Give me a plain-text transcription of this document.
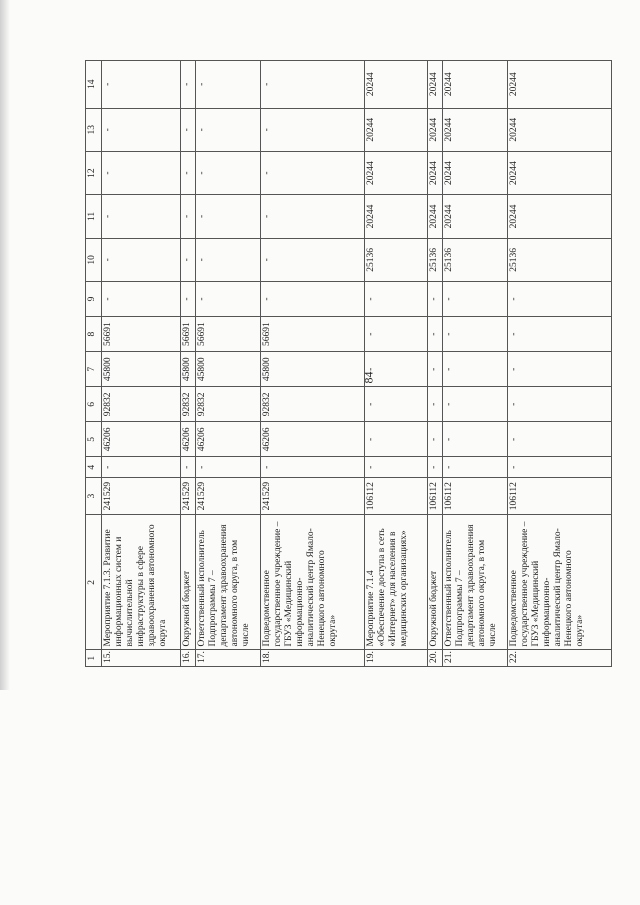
84
1	2	3	4	5	6	7	8	9	10	11	12	13	14
15.	Мероприятие 7.1.3. Развитие информационных систем и вычислительной инфраструктуры в сфере здравоохранения автономного округа	241529	-	46206	92832	45800	56691	-	-	-	-	-	-
16.	Окружной бюджет	241529	-	46206	92832	45800	56691	-	-	-	-	-	-
17.	Ответственный исполнитель Подпрограммы 7 – департамент здравоохранения автономного округа, в том числе	241529	-	46206	92832	45800	56691	-	-	-	-	-	-
18.	Подведомственное государственное учреждение – ГБУЗ «Медицинский информационно-аналитический центр Ямало-Ненецкого автономного округа»	241529	-	46206	92832	45800	56691	-	-	-	-	-	-
19.	Мероприятие 7.1.4 «Обеспечение доступа в сеть «Интернет» для населения в медицинских организациях»	106112	-	-	-	-	-	-	25136	20244	20244	20244	20244
20.	Окружной бюджет	106112	-	-	-	-	-	-	25136	20244	20244	20244	20244
21.	Ответственный исполнитель Подпрограммы 7 – департамент здравоохранения автономного округа, в том числе	106112	-	-	-	-	-	-	25136	20244	20244	20244	20244
22.	Подведомственное государственное учреждение – ГБУЗ «Медицинский информационно-аналитический центр Ямало-Ненецкого автономного округа»	106112	-	-	-	-	-	-	25136	20244	20244	20244	20244
